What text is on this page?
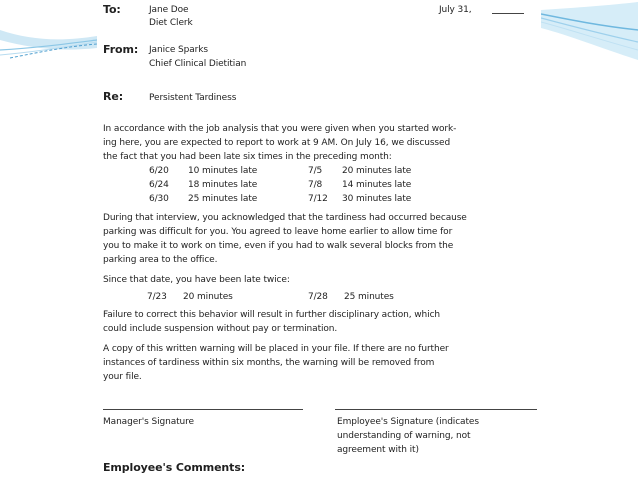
To:	Jane Doe
Diet Clerk
July 31,
From: Janice Sparks
Chief Clinical Dietitian
Re:	Persistent Tardiness
In accordance with the job analysis that you were given when you started work-
ing here, you are expected to report to work at 9 AM. On July 16, we discussed
the fact that you had been late six times in the preceding month:
6/20 10 minutes late	7/5 20 minutes late
6/24 18 minutes late	7/8 14 minutes late
6/30 25 minutes late	7/12 30 minutes late
During that interview, you acknowledged that the tardiness had occurred because
parking was difficult for you. You agreed to leave home earlier to allow time for
you to make it to work on time, even if you had to walk several blocks from the
parking area to the office.
Since that date, you have been late twice:
7/23 20 minutes	7/28 25 minutes
Failure to correct this behavior will result in further disciplinary action, which
could include suspension without pay or termination.
A copy of this written warning will be placed in your file. If there are no further
instances of tardiness within six months, the warning will be removed from
your file.
Manager's Signature	Employee's Signature (indicates
understanding of warning, not
agreement with it)
Employee's Comments:
